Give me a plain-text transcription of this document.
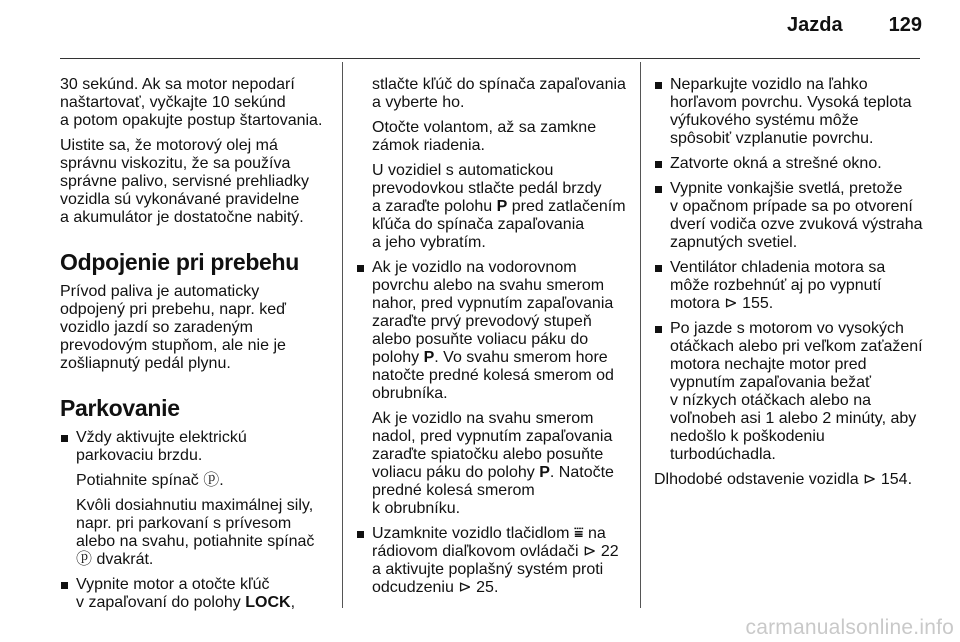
Jazda 129

30 sekúnd. Ak sa motor nepodarí
naštartovať, vyčkajte 10 sekúnd
a potom opakujte postup štartovania.

Uistite sa, že motorový olej má
správnu viskozitu, že sa používa
správne palivo, servisné prehliadky
vozidla sú vykonávané pravidelne
a akumulátor je dostatočne nabitý.

Odpojenie pri prebehu

Prívod paliva je automaticky
odpojený pri prebehu, napr. keď
vozidlo jazdí so zaradeným
prevodovým stupňom, ale nie je
zošliapnutý pedál plynu.

Parkovanie
Vždy aktivujte elektrickú
parkovaciu brzdu.
Potiahnite spínač ⓟ.
Kvôli dosiahnutiu maximálnej sily,
napr. pri parkovaní s prívesom
alebo na svahu, potiahnite spínač
ⓟ dvakrát.
Vypnite motor a otočte kľúč
v zapaľovaní do polohy LOCK,
stlačte kľúč do spínača zapaľovania
a vyberte ho.
Otočte volantom, až sa zamkne
zámok riadenia.
U vozidiel s automatickou
prevodovkou stlačte pedál brzdy
a zaraďte polohu P pred zatlačením
kľúča do spínača zapaľovania
a jeho vybratím.
Ak je vozidlo na vodorovnom
povrchu alebo na svahu smerom
nahor, pred vypnutím zapaľovania
zaraďte prvý prevodový stupeň
alebo posuňte voliacu páku do
polohy P. Vo svahu smerom hore
natočte predné kolesá smerom od
obrubníka.
Ak je vozidlo na svahu smerom
nadol, pred vypnutím zapaľovania
zaraďte spiatočku alebo posuňte
voliacu páku do polohy P. Natočte
predné kolesá smerom
k obrubníku.
Uzamknite vozidlo tlačidlom ⩸ na
rádiovom diaľkovom ovládači ⊳ 22
a aktivujte poplašný systém proti
odcudzeniu ⊳ 25.
Neparkujte vozidlo na ľahko
horľavom povrchu. Vysoká teplota
výfukového systému môže
spôsobiť vzplanutie povrchu.
Zatvorte okná a strešné okno.
Vypnite vonkajšie svetlá, pretože
v opačnom prípade sa po otvorení
dverí vodiča ozve zvuková výstraha
zapnutých svetiel.
Ventilátor chladenia motora sa
môže rozbehnúť aj po vypnutí
motora ⊳ 155.
Po jazde s motorom vo vysokých
otáčkach alebo pri veľkom zaťažení
motora nechajte motor pred
vypnutím zapaľovania bežať
v nízkych otáčkach alebo na
voľnobeh asi 1 alebo 2 minúty, aby
nedošlo k poškodeniu
turbodúchadla.

Dlhodobé odstavenie vozidla ⊳ 154.

carmanualsonline.info
